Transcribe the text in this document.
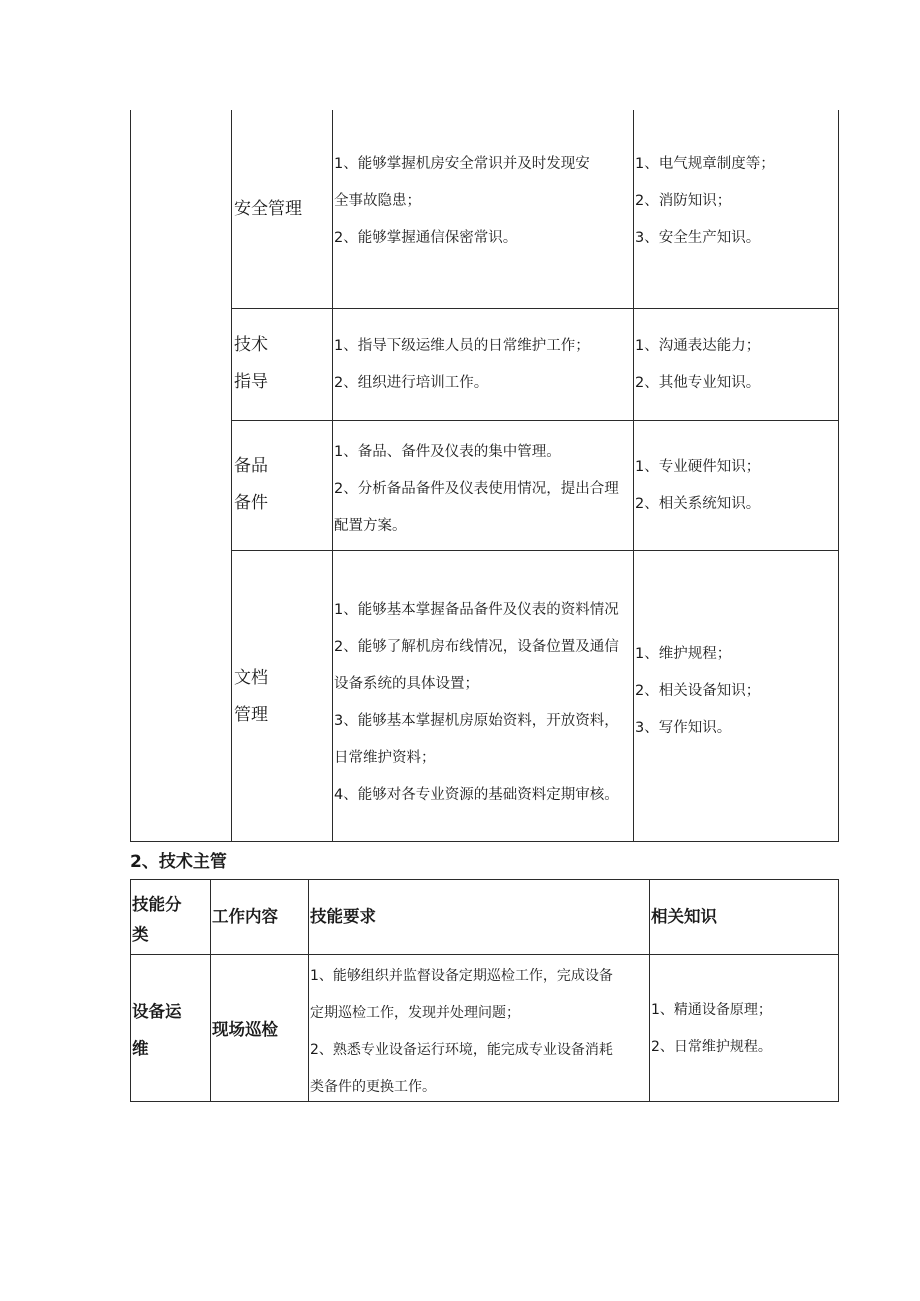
安全管理
1、能够掌握机房安全常识并及时发现安
全事故隐患；
2、能够掌握通信保密常识。
1、电气规章制度等；
2、消防知识；
3、安全生产知识。
技术
指导
1、指导下级运维人员的日常维护工作；
2、组织进行培训工作。
1、沟通表达能力；
2、其他专业知识。
备品
备件
1、备品、备件及仪表的集中管理。
2、分析备品备件及仪表使用情况，提出合理
配置方案。
1、专业硬件知识；
2、相关系统知识。
文档
管理
1、能够基本掌握备品备件及仪表的资料情况
2、能够了解机房布线情况，设备位置及通信
设备系统的具体设置；
3、能够基本掌握机房原始资料，开放资料，
日常维护资料；
4、能够对各专业资源的基础资料定期审核。
1、维护规程；
2、相关设备知识；
3、写作知识。
2、技术主管
技能分
类
工作内容 技能要求	相关知识
设备运
维
现场巡检
1、能够组织并监督设备定期巡检工作，完成设备
定期巡检工作，发现并处理问题；
2、熟悉专业设备运行环境，能完成专业设备消耗
类备件的更换工作。
1、精通设备原理；
2、日常维护规程。
